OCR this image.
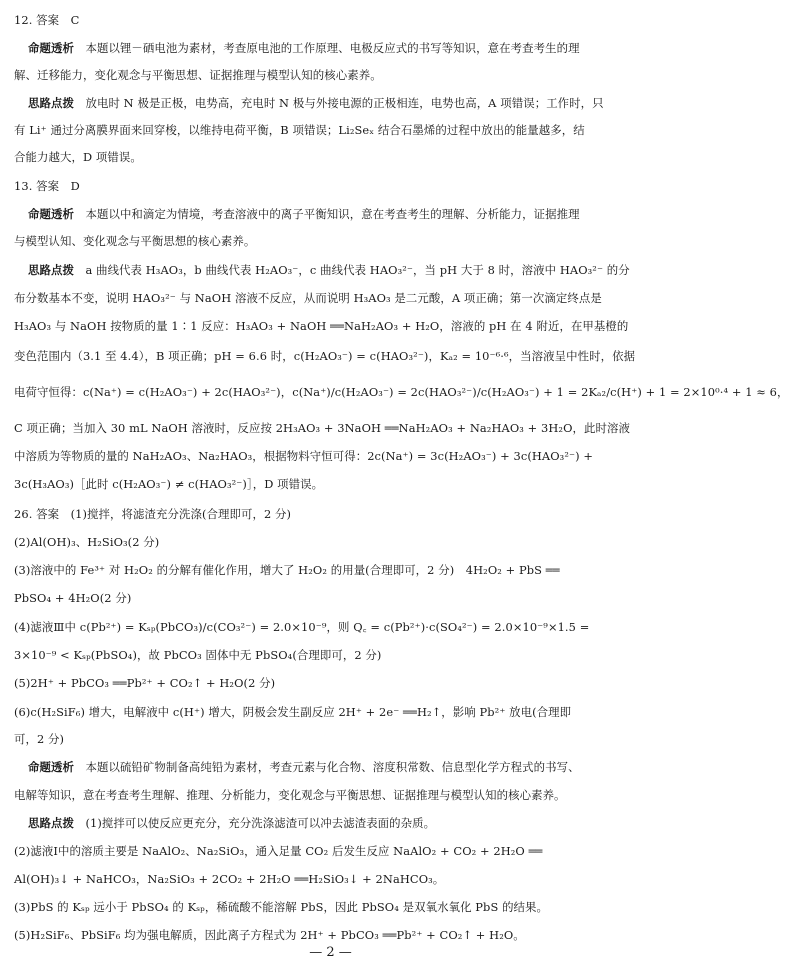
12. 答案　C
命题透析　 本题以锂－硒电池为素材，考查原电池的工作原理、电极反应式的书写等知识，意在考查考生的理
解、迁移能力，变化观念与平衡思想、证据推理与模型认知的核心素养。
思路点拨　 放电时 N 极是正极，电势高，充电时 N 极与外接电源的正极相连，电势也高，A 项错误；工作时，只
有 Li⁺ 通过分离膜界面来回穿梭，以维持电荷平衡，B 项错误；Li₂Seₓ 结合石墨烯的过程中放出的能量越多，结
合能力越大，D 项错误。
13. 答案　D
命题透析　 本题以中和滴定为情境，考查溶液中的离子平衡知识，意在考查考生的理解、分析能力，证据推理
与模型认知、变化观念与平衡思想的核心素养。
思路点拨　 a 曲线代表 H₃AO₃，b 曲线代表 H₂AO₃⁻，c 曲线代表 HAO₃²⁻，当 pH 大于 8 时，溶液中 HAO₃²⁻ 的分
布分数基本不变，说明 HAO₃²⁻ 与 NaOH 溶液不反应，从而说明 H₃AO₃ 是二元酸，A 项正确；第一次滴定终点是
H₃AO₃ 与 NaOH 按物质的量 1∶1 反应：H₃AO₃ + NaOH ══NaH₂AO₃ + H₂O，溶液的 pH 在 4 附近，在甲基橙的
变色范围内（3.1 至 4.4），B 项正确；pH = 6.6 时，c(H₂AO₃⁻) = c(HAO₃²⁻)，Kₐ₂ = 10⁻⁶·⁶，当溶液呈中性时，依据
电荷守恒得：c(Na⁺) = c(H₂AO₃⁻) + 2c(HAO₃²⁻)，c(Na⁺)/c(H₂AO₃⁻) = 2c(HAO₃²⁻)/c(H₂AO₃⁻) + 1 = 2Kₐ₂/c(H⁺) + 1 = 2×10⁰·⁴ + 1 ≈ 6，
C 项正确；当加入 30 mL NaOH 溶液时，反应按 2H₃AO₃ + 3NaOH ══NaH₂AO₃ + Na₂HAO₃ + 3H₂O，此时溶液
中溶质为等物质的量的 NaH₂AO₃、Na₂HAO₃，根据物料守恒可得：2c(Na⁺) = 3c(H₂AO₃⁻) + 3c(HAO₃²⁻) +
3c(H₃AO₃)［此时 c(H₂AO₃⁻) ≠ c(HAO₃²⁻)］，D 项错误。
26. 答案　(1)搅拌，将滤渣充分洗涤(合理即可，2 分)
(2)Al(OH)₃、H₂SiO₃(2 分)
(3)溶液中的 Fe³⁺ 对 H₂O₂ 的分解有催化作用，增大了 H₂O₂ 的用量(合理即可，2 分)　4H₂O₂ + PbS ══
PbSO₄ + 4H₂O(2 分)
(4)滤液Ⅲ中 c(Pb²⁺) = Kₛₚ(PbCO₃)/c(CO₃²⁻) = 2.0×10⁻⁹，则 Q꜀ = c(Pb²⁺)·c(SO₄²⁻) = 2.0×10⁻⁹×1.5 =
3×10⁻⁹ < Kₛₚ(PbSO₄)，故 PbCO₃ 固体中无 PbSO₄(合理即可，2 分)
(5)2H⁺ + PbCO₃ ══Pb²⁺ + CO₂↑ + H₂O(2 分)
(6)c(H₂SiF₆) 增大，电解液中 c(H⁺) 增大，阴极会发生副反应 2H⁺ + 2e⁻ ══H₂↑，影响 Pb²⁺ 放电(合理即
可，2 分)
命题透析　 本题以硫铅矿物制备高纯铅为素材，考查元素与化合物、溶度积常数、信息型化学方程式的书写、
电解等知识，意在考查考生理解、推理、分析能力，变化观念与平衡思想、证据推理与模型认知的核心素养。
思路点拨　 (1)搅拌可以使反应更充分，充分洗涤滤渣可以冲去滤渣表面的杂质。
(2)滤液Ⅰ中的溶质主要是 NaAlO₂、Na₂SiO₃，通入足量 CO₂ 后发生反应 NaAlO₂ + CO₂ + 2H₂O ══
Al(OH)₃↓ + NaHCO₃，Na₂SiO₃ + 2CO₂ + 2H₂O ══H₂SiO₃↓ + 2NaHCO₃。
(3)PbS 的 Kₛₚ 远小于 PbSO₄ 的 Kₛₚ，稀硫酸不能溶解 PbS，因此 PbSO₄ 是双氧水氧化 PbS 的结果。
(5)H₂SiF₆、PbSiF₆ 均为强电解质，因此离子方程式为 2H⁺ + PbCO₃ ══Pb²⁺ + CO₂↑ + H₂O。
— 2 —
